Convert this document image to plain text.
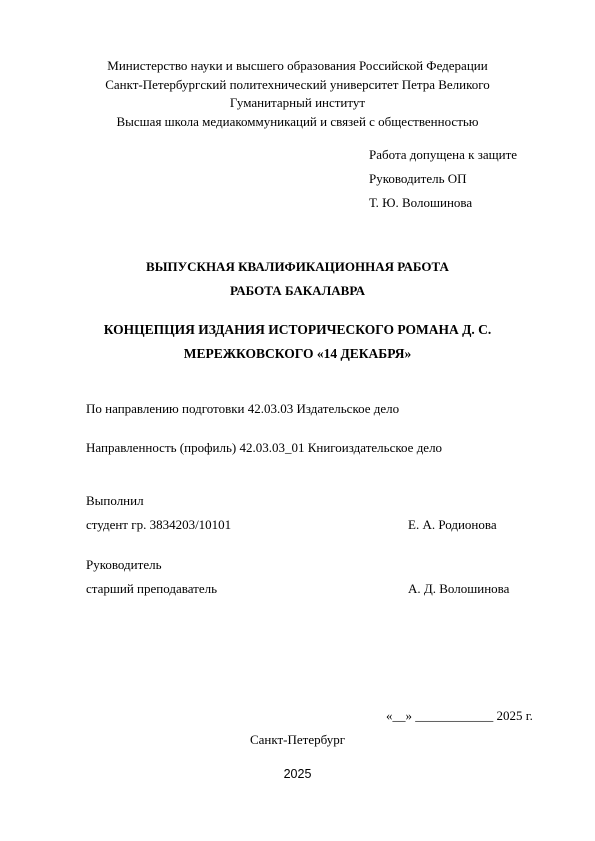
Министерство науки и высшего образования Российской Федерации
Санкт-Петербургский политехнический университет Петра Великого
Гуманитарный институт
Высшая школа медиакоммуникаций и связей с общественностью
Работа допущена к защите
Руководитель ОП
Т. Ю. Волошинова
ВЫПУСКНАЯ КВАЛИФИКАЦИОННАЯ РАБОТА
РАБОТА БАКАЛАВРА
КОНЦЕПЦИЯ ИЗДАНИЯ ИСТОРИЧЕСКОГО РОМАНА Д. С.
МЕРЕЖКОВСКОГО «14 ДЕКАБРЯ»
По направлению подготовки 42.03.03 Издательское дело
Направленность (профиль) 42.03.03_01 Книгоиздательское дело
Выполнил
студент гр. 3834203/10101	Е. А. Родионова
Руководитель
старший преподаватель	А. Д. Волошинова
«__» ____________ 2025 г.
Санкт-Петербург
2025
